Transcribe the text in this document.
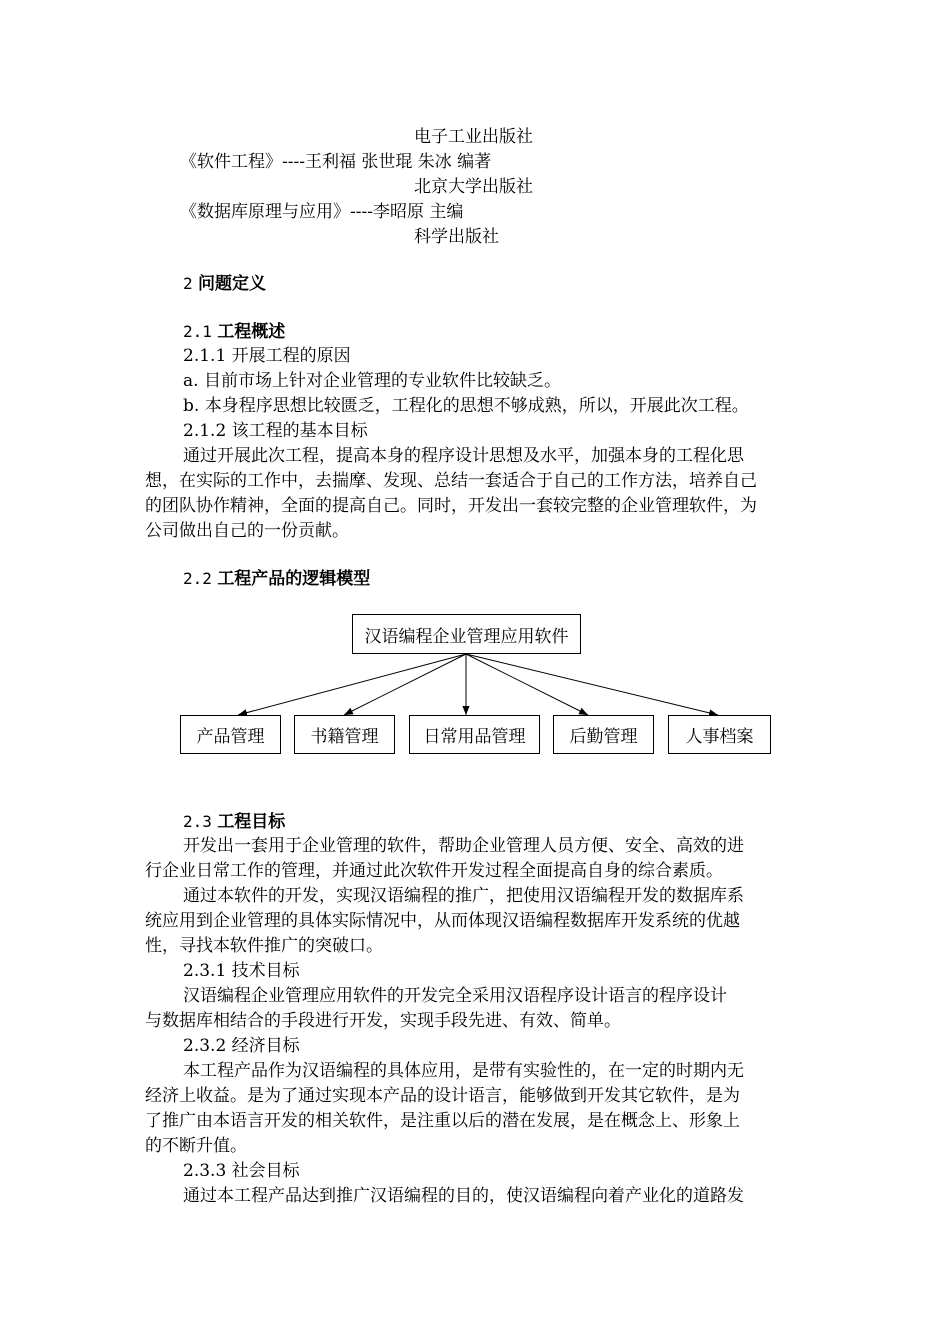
电子工业出版社
《软件工程》----王利福 张世琨 朱冰 编著
北京大学出版社
《数据库原理与应用》----李昭原 主编
科学出版社
2 问题定义
2.1 工程概述
2.1.1 开展工程的原因
a. 目前市场上针对企业管理的专业软件比较缺乏。
b. 本身程序思想比较匮乏，工程化的思想不够成熟，所以，开展此次工程。
2.1.2 该工程的基本目标
通过开展此次工程，提高本身的程序设计思想及水平，加强本身的工程化思
想，在实际的工作中，去揣摩、发现、总结一套适合于自己的工作方法，培养自己
的团队协作精神，全面的提高自己。同时，开发出一套较完整的企业管理软件，为
公司做出自己的一份贡献。
2.2 工程产品的逻辑模型
汉语编程企业管理应用软件
产品管理	书籍管理	日常用品管理	后勤管理	人事档案
2.3 工程目标
开发出一套用于企业管理的软件，帮助企业管理人员方便、安全、高效的进
行企业日常工作的管理，并通过此次软件开发过程全面提高自身的综合素质。
通过本软件的开发，实现汉语编程的推广，把使用汉语编程开发的数据库系
统应用到企业管理的具体实际情况中，从而体现汉语编程数据库开发系统的优越
性，寻找本软件推广的突破口。
2.3.1 技术目标
汉语编程企业管理应用软件的开发完全采用汉语程序设计语言的程序设计
与数据库相结合的手段进行开发，实现手段先进、有效、简单。
2.3.2 经济目标
本工程产品作为汉语编程的具体应用，是带有实验性的，在一定的时期内无
经济上收益。是为了通过实现本产品的设计语言，能够做到开发其它软件，是为
了推广由本语言开发的相关软件，是注重以后的潜在发展，是在概念上、形象上
的不断升值。
2.3.3 社会目标
通过本工程产品达到推广汉语编程的目的，使汉语编程向着产业化的道路发
